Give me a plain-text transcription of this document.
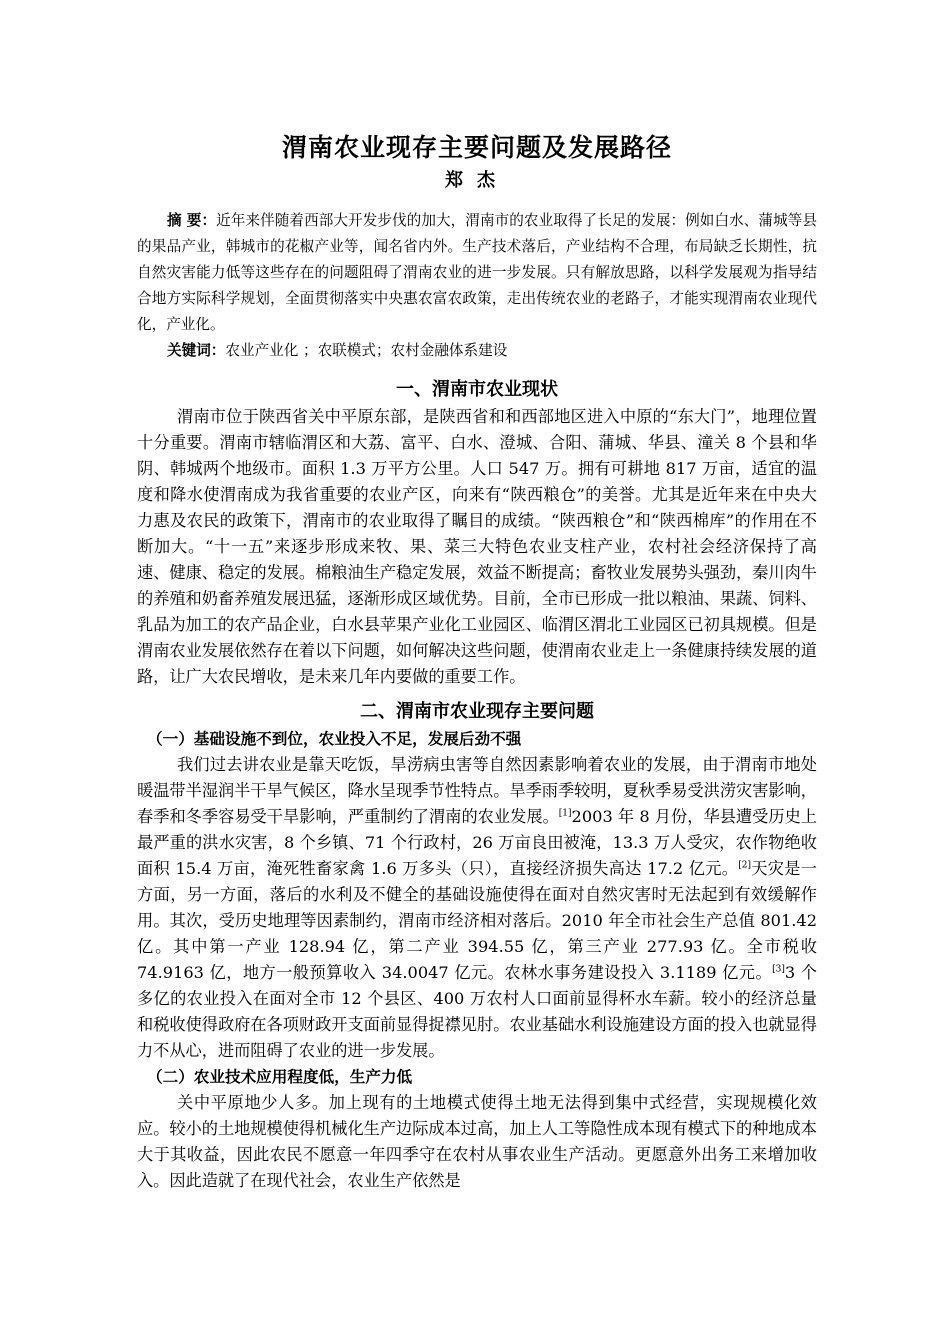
渭南农业现存主要问题及发展路径
郑杰

摘 要：近年来伴随着西部大开发步伐的加大，渭南市的农业取得了长足的发展：例如白水、蒲城等县的果品产业，韩城市的花椒产业等，闻名省内外。生产技术落后，产业结构不合理，布局缺乏长期性，抗自然灾害能力低等这些存在的问题阻碍了渭南农业的进一步发展。只有解放思路，以科学发展观为指导结合地方实际科学规划，全面贯彻落实中央惠农富农政策，走出传统农业的老路子，才能实现渭南农业现代化，产业化。

关键词：农业产业化 ；农联模式；农村金融体系建设

一、渭南市农业现状

渭南市位于陕西省关中平原东部，是陕西省和和西部地区进入中原的“东大门”，地理位置十分重要。渭南市辖临渭区和大荔、富平、白水、澄城、合阳、蒲城、华县、潼关 8 个县和华阴、韩城两个地级市。面积 1.3 万平方公里。人口 547 万。拥有可耕地 817 万亩，适宜的温度和降水使渭南成为我省重要的农业产区，向来有“陕西粮仓”的美誉。尤其是近年来在中央大力惠及农民的政策下，渭南市的农业取得了瞩目的成绩。“陕西粮仓”和“陕西棉库”的作用在不断加大。“十一五”来逐步形成来牧、果、菜三大特色农业支柱产业，农村社会经济保持了高速、健康、稳定的发展。棉粮油生产稳定发展，效益不断提高；畜牧业发展势头强劲，秦川肉牛的养殖和奶畜养殖发展迅猛，逐渐形成区域优势。目前，全市已形成一批以粮油、果蔬、饲料、乳品为加工的农产品企业，白水县苹果产业化工业园区、临渭区渭北工业园区已初具规模。但是渭南农业发展依然存在着以下问题，如何解决这些问题，使渭南农业走上一条健康持续发展的道路，让广大农民增收，是未来几年内要做的重要工作。

二、渭南市农业现存主要问题
（一）基础设施不到位，农业投入不足，发展后劲不强

我们过去讲农业是靠天吃饭，旱涝病虫害等自然因素影响着农业的发展，由于渭南市地处暖温带半湿润半干旱气候区，降水呈现季节性特点。旱季雨季较明，夏秋季易受洪涝灾害影响，春季和冬季容易受干旱影响，严重制约了渭南的农业发展。[1]2003 年 8 月份，华县遭受历史上最严重的洪水灾害，8 个乡镇、71 个行政村，26 万亩良田被淹，13.3 万人受灾，农作物绝收面积 15.4 万亩，淹死牲畜家禽 1.6 万多头（只），直接经济损失高达 17.2 亿元。[2]天灾是一方面，另一方面，落后的水利及不健全的基础设施使得在面对自然灾害时无法起到有效缓解作用。其次，受历史地理等因素制约，渭南市经济相对落后。2010 年全市社会生产总值 801.42 亿。其中第一产业 128.94 亿，第二产业 394.55 亿，第三产业 277.93 亿。全市税收 74.9163 亿，地方一般预算收入 34.0047 亿元。农林水事务建设投入 3.1189 亿元。[3]3 个多亿的农业投入在面对全市 12 个县区、400 万农村人口面前显得杯水车薪。较小的经济总量和税收使得政府在各项财政开支面前显得捉襟见肘。农业基础水利设施建设方面的投入也就显得力不从心，进而阻碍了农业的进一步发展。

（二）农业技术应用程度低，生产力低

关中平原地少人多。加上现有的土地模式使得土地无法得到集中式经营，实现规模化效应。较小的土地规模使得机械化生产边际成本过高，加上人工等隐性成本现有模式下的种地成本大于其收益，因此农民不愿意一年四季守在农村从事农业生产活动。更愿意外出务工来增加收入。因此造就了在现代社会，农业生产依然是
